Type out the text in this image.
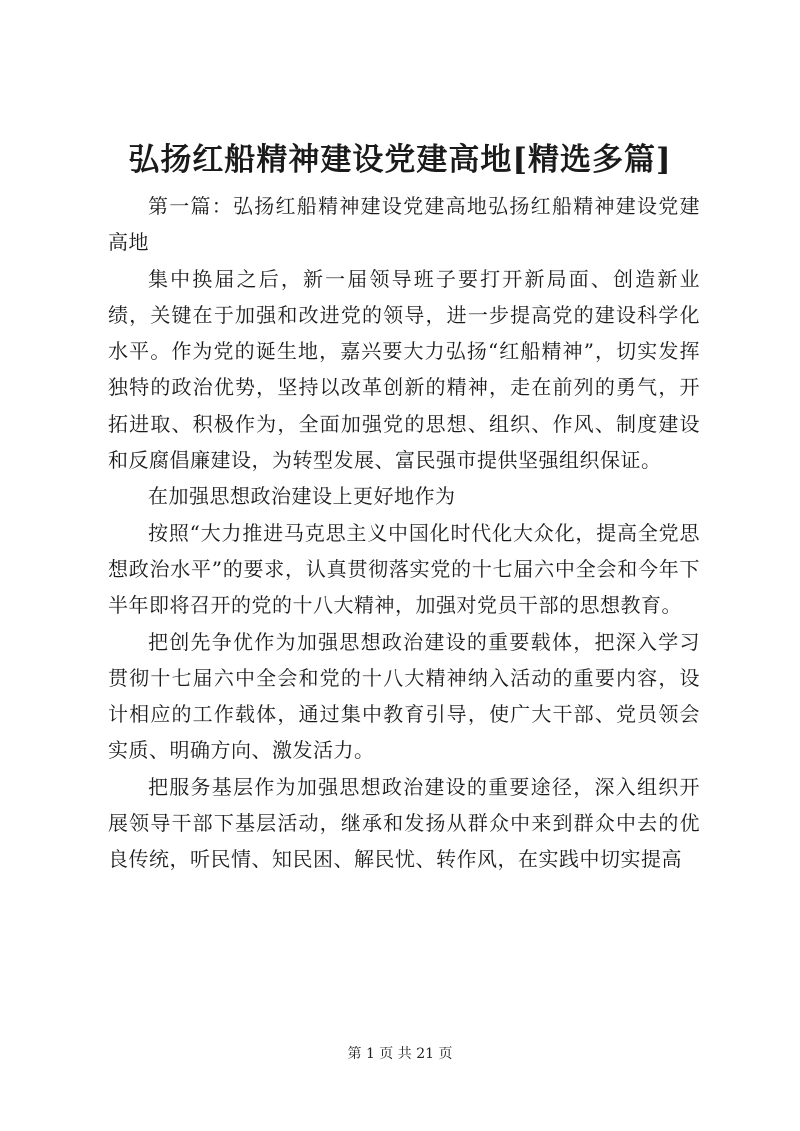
弘扬红船精神建设党建高地[精选多篇]

第一篇：弘扬红船精神建设党建高地弘扬红船精神建设党建高地

集中换届之后，新一届领导班子要打开新局面、创造新业绩，关键在于加强和改进党的领导，进一步提高党的建设科学化水平。作为党的诞生地，嘉兴要大力弘扬“红船精神”，切实发挥独特的政治优势，坚持以改革创新的精神，走在前列的勇气，开拓进取、积极作为，全面加强党的思想、组织、作风、制度建设和反腐倡廉建设，为转型发展、富民强市提供坚强组织保证。

在加强思想政治建设上更好地作为

按照“大力推进马克思主义中国化时代化大众化，提高全党思想政治水平”的要求，认真贯彻落实党的十七届六中全会和今年下半年即将召开的党的十八大精神，加强对党员干部的思想教育。

把创先争优作为加强思想政治建设的重要载体，把深入学习贯彻十七届六中全会和党的十八大精神纳入活动的重要内容，设计相应的工作载体，通过集中教育引导，使广大干部、党员领会实质、明确方向、激发活力。

把服务基层作为加强思想政治建设的重要途径，深入组织开展领导干部下基层活动，继承和发扬从群众中来到群众中去的优良传统，听民情、知民困、解民忧、转作风，在实践中切实提高

第 1 页 共 21 页
